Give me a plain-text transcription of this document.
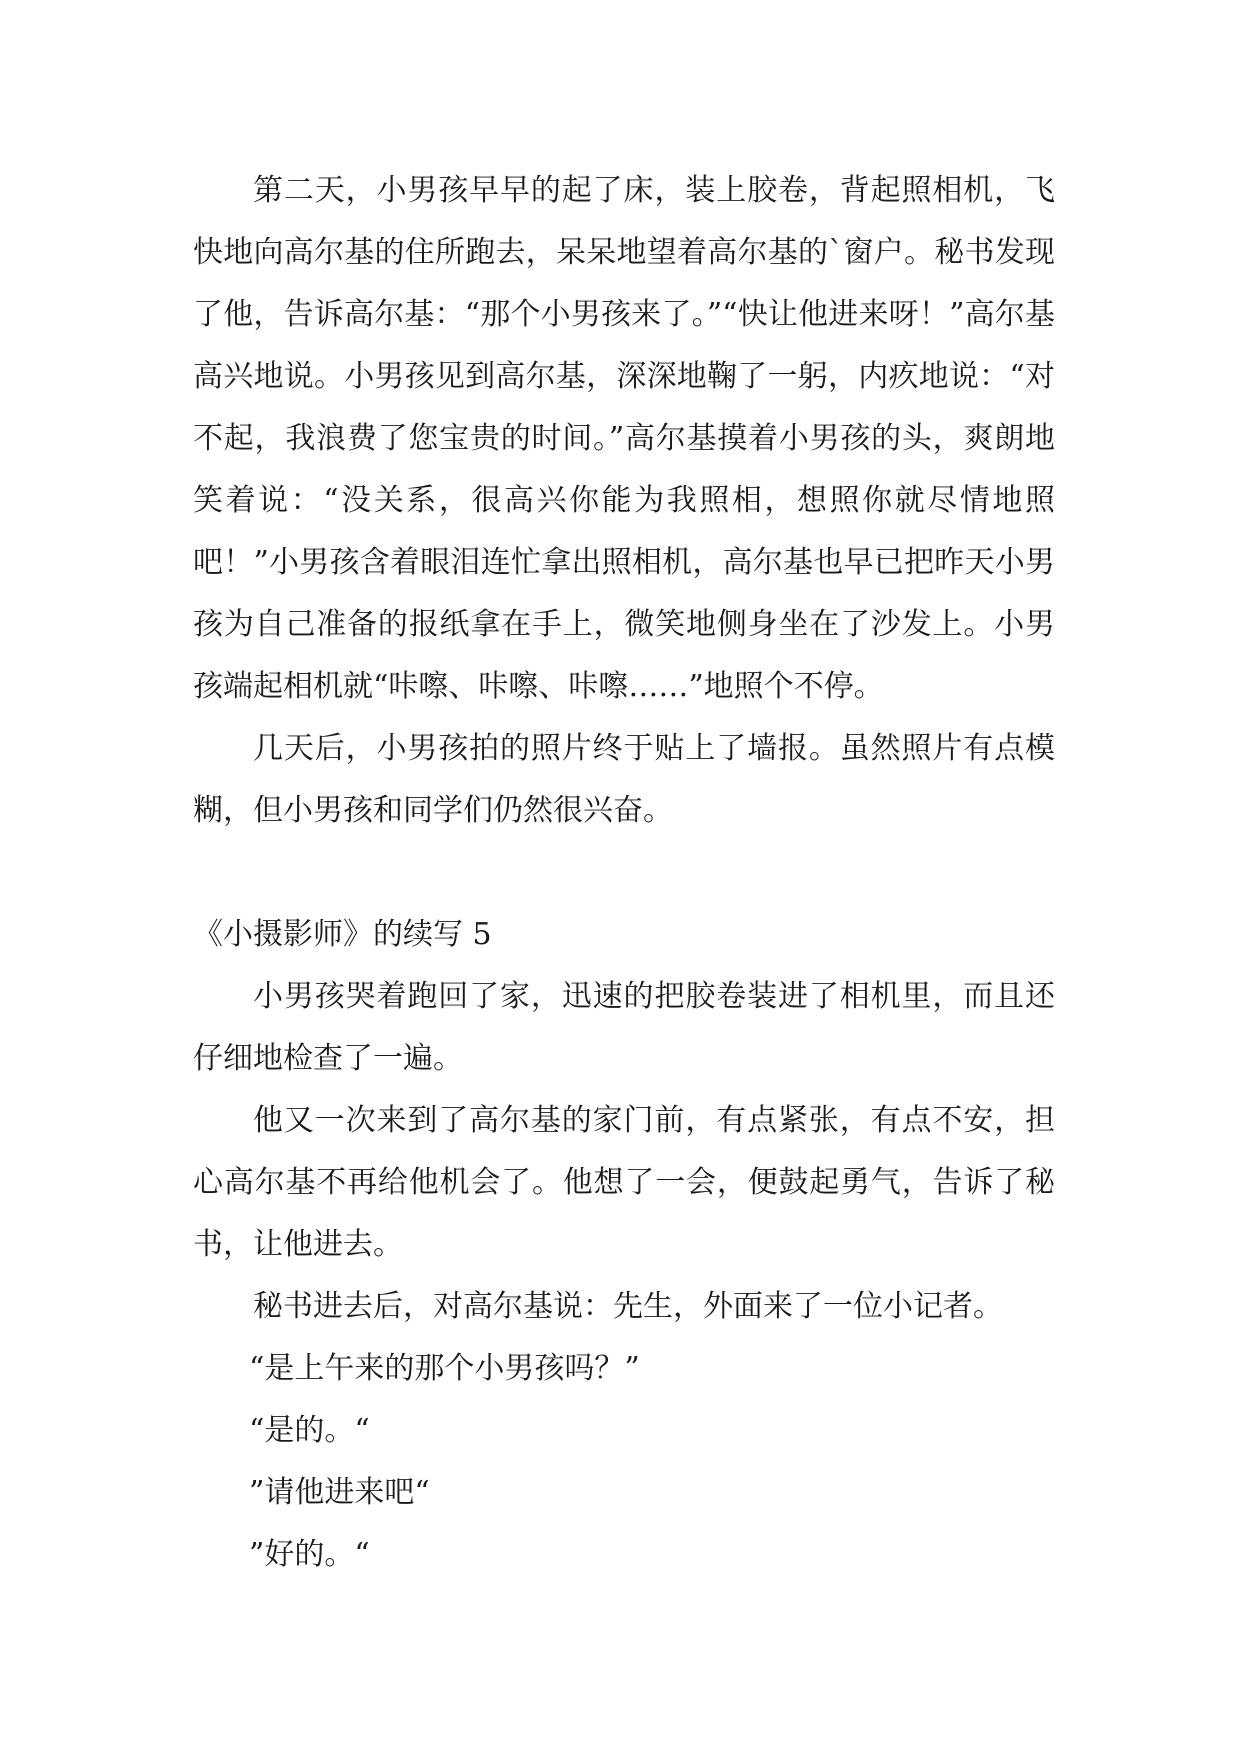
第二天，小男孩早早的起了床，装上胶卷，背起照相机，飞快地向高尔基的住所跑去，呆呆地望着高尔基的`窗户。秘书发现了他，告诉高尔基：“那个小男孩来了。”“快让他进来呀！”高尔基高兴地说。小男孩见到高尔基，深深地鞠了一躬，内疚地说：“对不起，我浪费了您宝贵的时间。”高尔基摸着小男孩的头，爽朗地笑着说：“没关系，很高兴你能为我照相，想照你就尽情地照吧！”小男孩含着眼泪连忙拿出照相机，高尔基也早已把昨天小男孩为自己准备的报纸拿在手上，微笑地侧身坐在了沙发上。小男孩端起相机就“咔嚓、咔嚓、咔嚓……”地照个不停。

几天后，小男孩拍的照片终于贴上了墙报。虽然照片有点模糊，但小男孩和同学们仍然很兴奋。

《小摄影师》的续写 5

小男孩哭着跑回了家，迅速的把胶卷装进了相机里，而且还仔细地检查了一遍。

他又一次来到了高尔基的家门前，有点紧张，有点不安，担心高尔基不再给他机会了。他想了一会，便鼓起勇气，告诉了秘书，让他进去。

秘书进去后，对高尔基说：先生，外面来了一位小记者。

“是上午来的那个小男孩吗？”

“是的。“

”请他进来吧“

”好的。“
